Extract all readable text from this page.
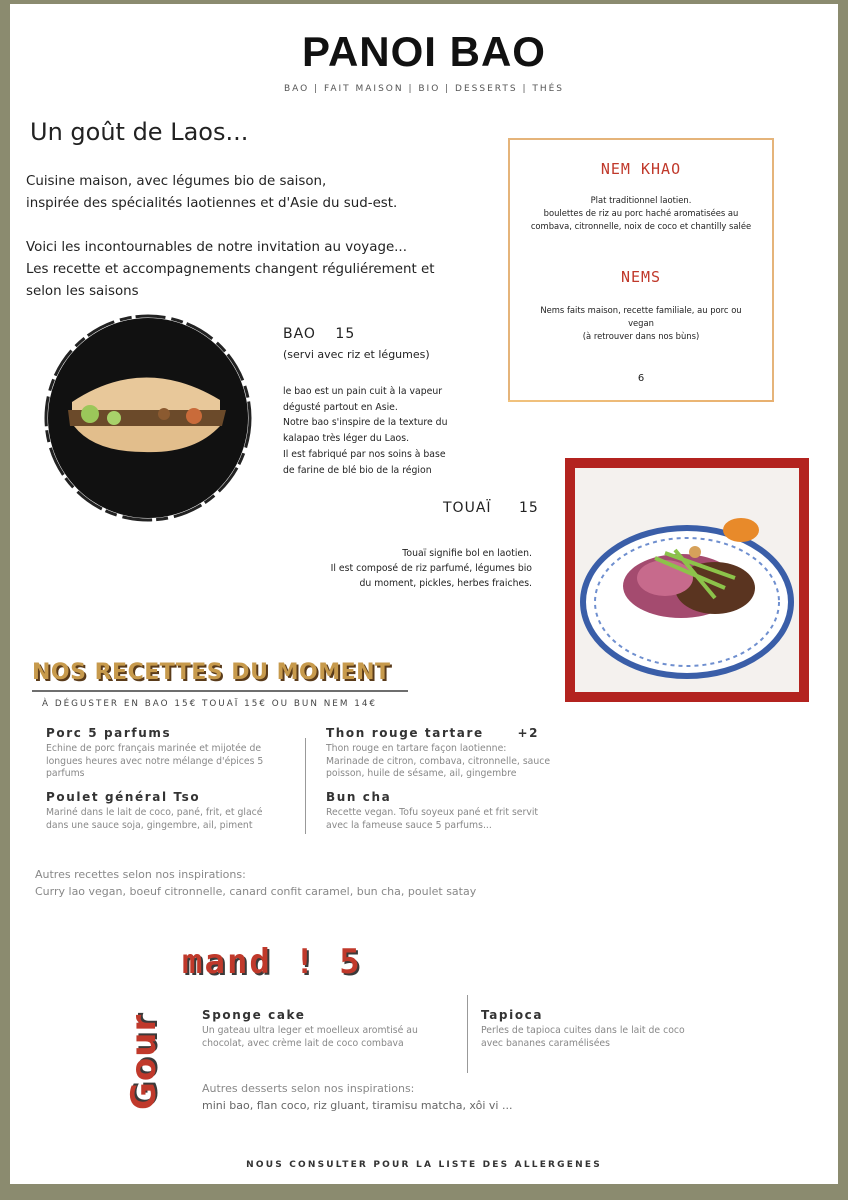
PANOI BAO
BAO | FAIT MAISON | BIO | DESSERTS | THÉS
Un goût de Laos...

Cuisine maison, avec légumes bio de saison,
inspirée des spécialités laotiennes et d'Asie du sud-est.

Voici les incontournables de notre invitation au voyage...
Les recette et accompagnements changent réguliérement et
selon les saisons

NEM KHAO
Plat traditionnel laotien.
boulettes de riz au porc haché aromatisées au
combava, citronnelle, noix de coco et chantilly salée
NEMS
Nems faits maison, recette familiale, au porc ou
vegan
(à retrouver dans nos bùns)
6
BAO 15
(servi avec riz et légumes)
le bao est un pain cuit à la vapeur
dégusté partout en Asie.
Notre bao s'inspire de la texture du
kalapao très léger du Laos.
Il est fabriqué par nos soins à base
de farine de blé bio de la région
TOUAÏ 15
Touaï signifie bol en laotien.
Il est composé de riz parfumé, légumes bio
du moment, pickles, herbes fraiches.
NOS RECETTES DU MOMENT
À DÉGUSTER EN BAO 15€ TOUAÏ 15€ OU BUN NEM 14€
Porc 5 parfums
Echine de porc français marinée et mijotée de
longues heures avec notre mélange d'épices 5
parfums
Poulet général Tso
Mariné dans le lait de coco, pané, frit, et glacé
dans une sauce soja, gingembre, ail, piment
Thon rouge tartare	+2
Thon rouge en tartare façon laotienne:
Marinade de citron, combava, citronnelle, sauce
poisson, huile de sésame, ail, gingembre
Bun cha
Recette vegan. Tofu soyeux pané et frit servit
avec la fameuse sauce 5 parfums...
Autres recettes selon nos inspirations:
Curry lao vegan, boeuf citronnelle, canard confit caramel, bun cha, poulet satay
mand ! 5
Gour	Sponge cake
Un gateau ultra leger et moelleux aromtisé au
chocolat, avec crème lait de coco combava
Tapioca
Perles de tapioca cuites dans le lait de coco
avec bananes caramélisées
Autres desserts selon nos inspirations:
mini bao, flan coco, riz gluant, tiramisu matcha, xôi vi ...
NOUS CONSULTER POUR LA LISTE DES ALLERGENES
